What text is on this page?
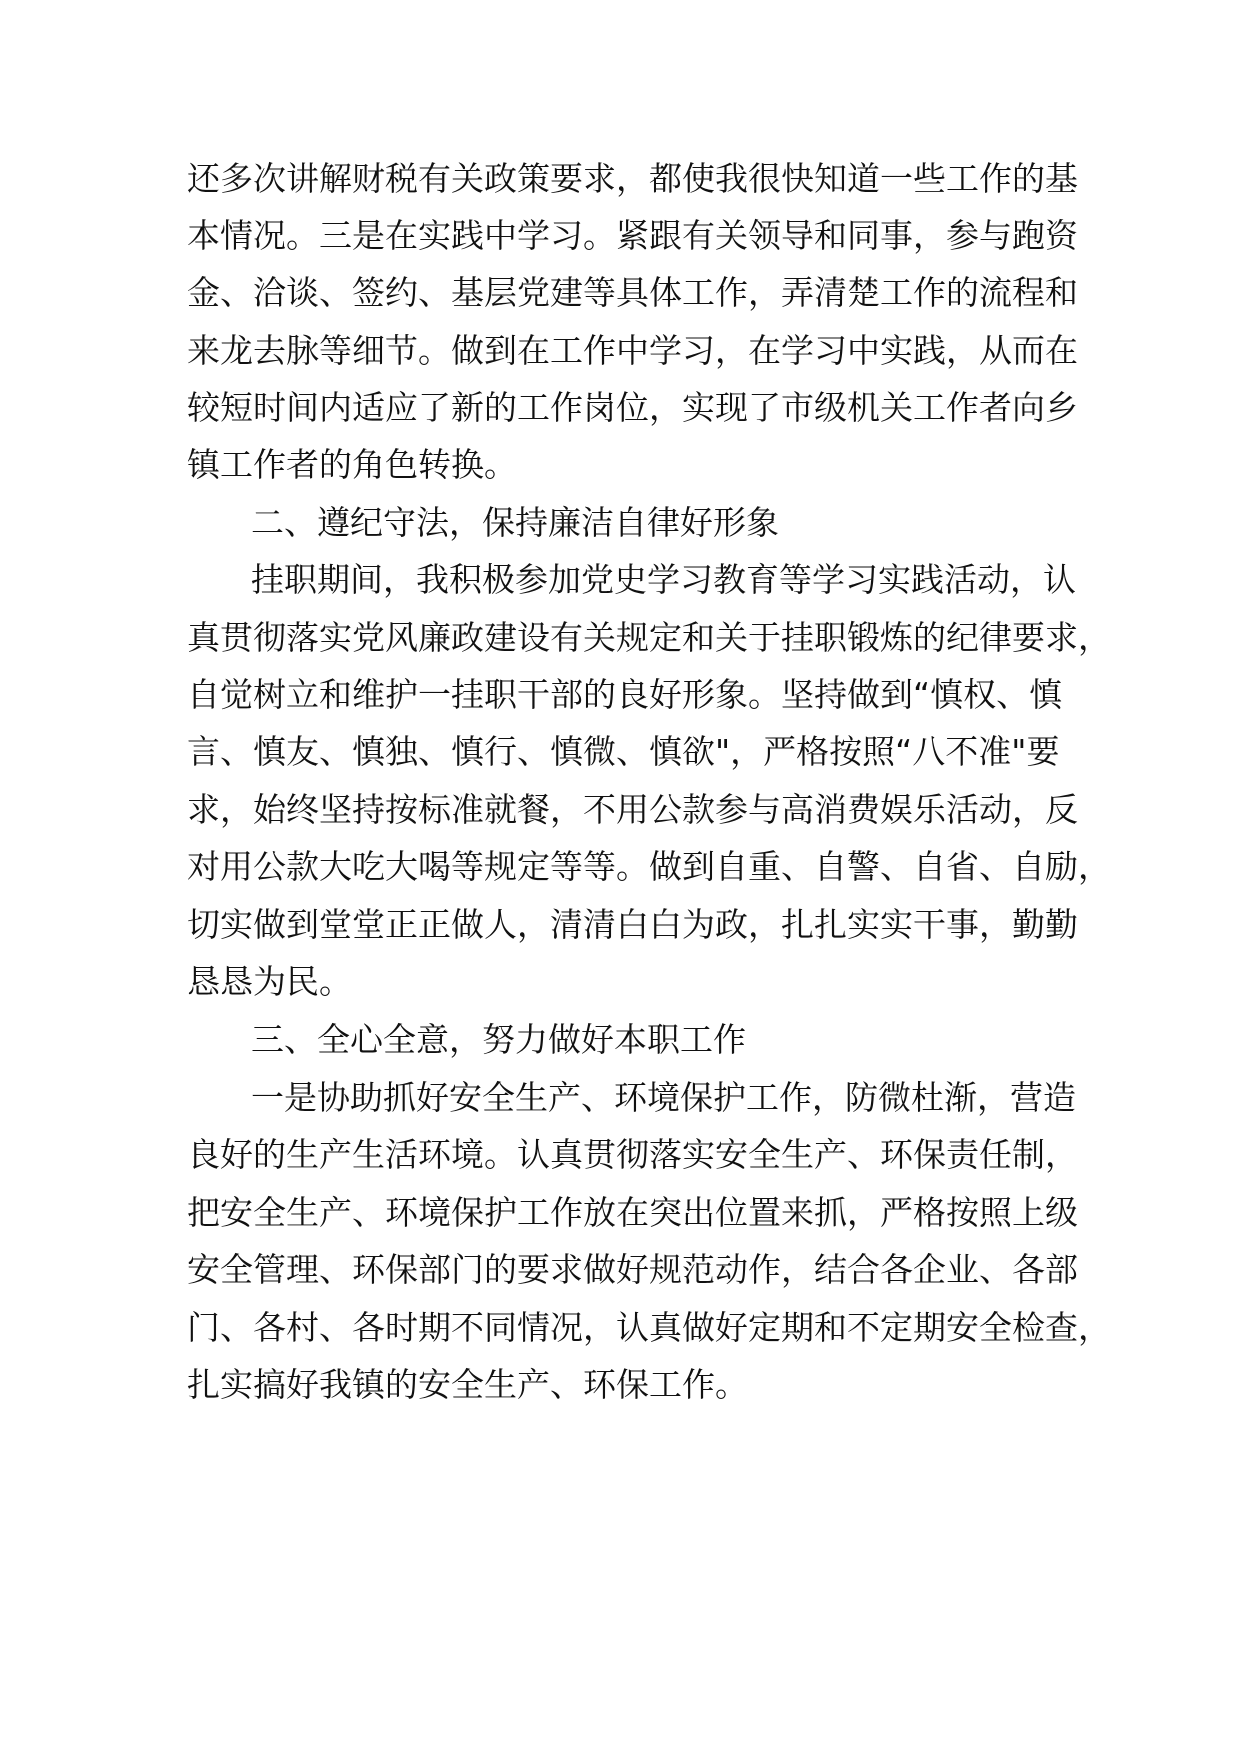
还多次讲解财税有关政策要求，都使我很快知道一些工作的基
本情况。三是在实践中学习。紧跟有关领导和同事，参与跑资
金、洽谈、签约、基层党建等具体工作，弄清楚工作的流程和
来龙去脉等细节。做到在工作中学习，在学习中实践，从而在
较短时间内适应了新的工作岗位，实现了市级机关工作者向乡
镇工作者的角色转换。
二、遵纪守法，保持廉洁自律好形象
挂职期间，我积极参加党史学习教育等学习实践活动，认
真贯彻落实党风廉政建设有关规定和关于挂职锻炼的纪律要求，
自觉树立和维护一挂职干部的良好形象。坚持做到“慎权、慎
言、慎友、慎独、慎行、慎微、慎欲"，严格按照“八不准"要
求，始终坚持按标准就餐，不用公款参与高消费娱乐活动，反
对用公款大吃大喝等规定等等。做到自重、自警、自省、自励，
切实做到堂堂正正做人，清清白白为政，扎扎实实干事，勤勤
恳恳为民。
三、全心全意，努力做好本职工作
一是协助抓好安全生产、环境保护工作，防微杜渐，营造
良好的生产生活环境。认真贯彻落实安全生产、环保责任制，
把安全生产、环境保护工作放在突出位置来抓，严格按照上级
安全管理、环保部门的要求做好规范动作，结合各企业、各部
门、各村、各时期不同情况，认真做好定期和不定期安全检查，
扎实搞好我镇的安全生产、环保工作。
